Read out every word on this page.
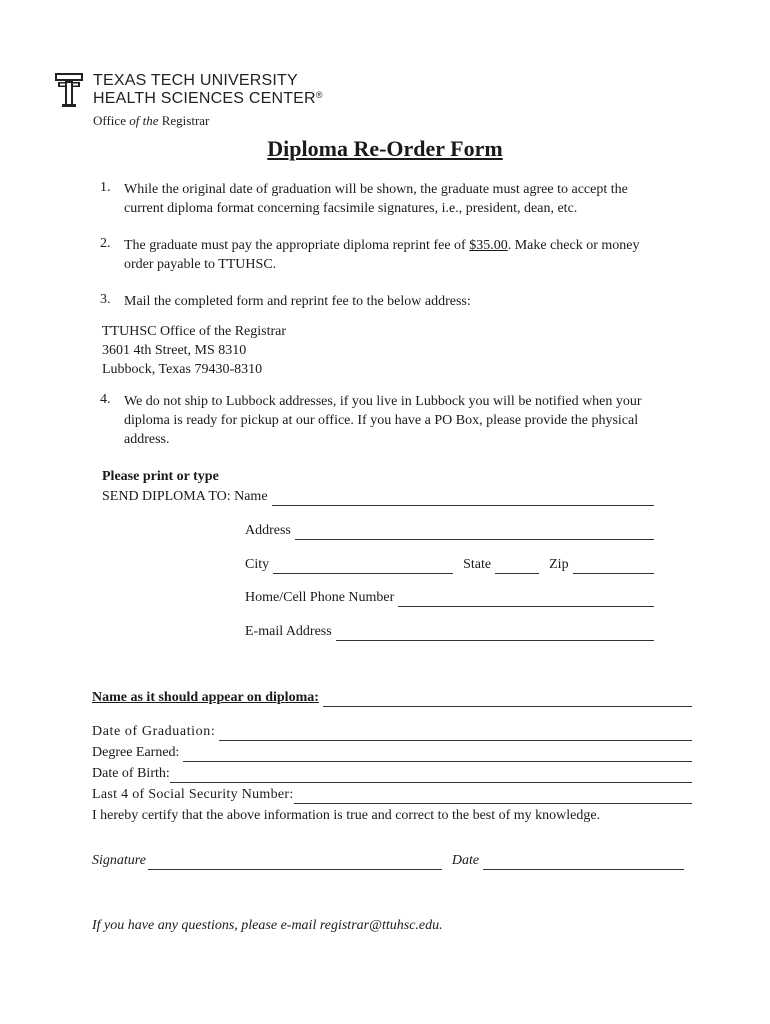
TEXAS TECH UNIVERSITY
HEALTH SCIENCES CENTER®
Office of the Registrar
Diploma Re-Order Form
1. While the original date of graduation will be shown, the graduate must agree to accept the
current diploma format concerning facsimile signatures, i.e., president, dean, etc.
2. The graduate must pay the appropriate diploma reprint fee of $35.00. Make check or money
order payable to TTUHSC.
3. Mail the completed form and reprint fee to the below address:
TTUHSC Office of the Registrar
3601 4th Street, MS 8310
Lubbock, Texas 79430-8310
4. We do not ship to Lubbock addresses, if you live in Lubbock you will be notified when your
diploma is ready for pickup at our office. If you have a PO Box, please provide the physical
address.
Please print or type
SEND DIPLOMA TO: Name
Address
City	State	Zip
Home/Cell Phone Number
E-mail Address
Name as it should appear on diploma:
Date of Graduation:
Degree Earned:
Date of Birth:
Last 4 of Social Security Number:
I hereby certify that the above information is true and correct to the best of my knowledge.
Signature	Date
If you have any questions, please e-mail registrar@ttuhsc.edu.
